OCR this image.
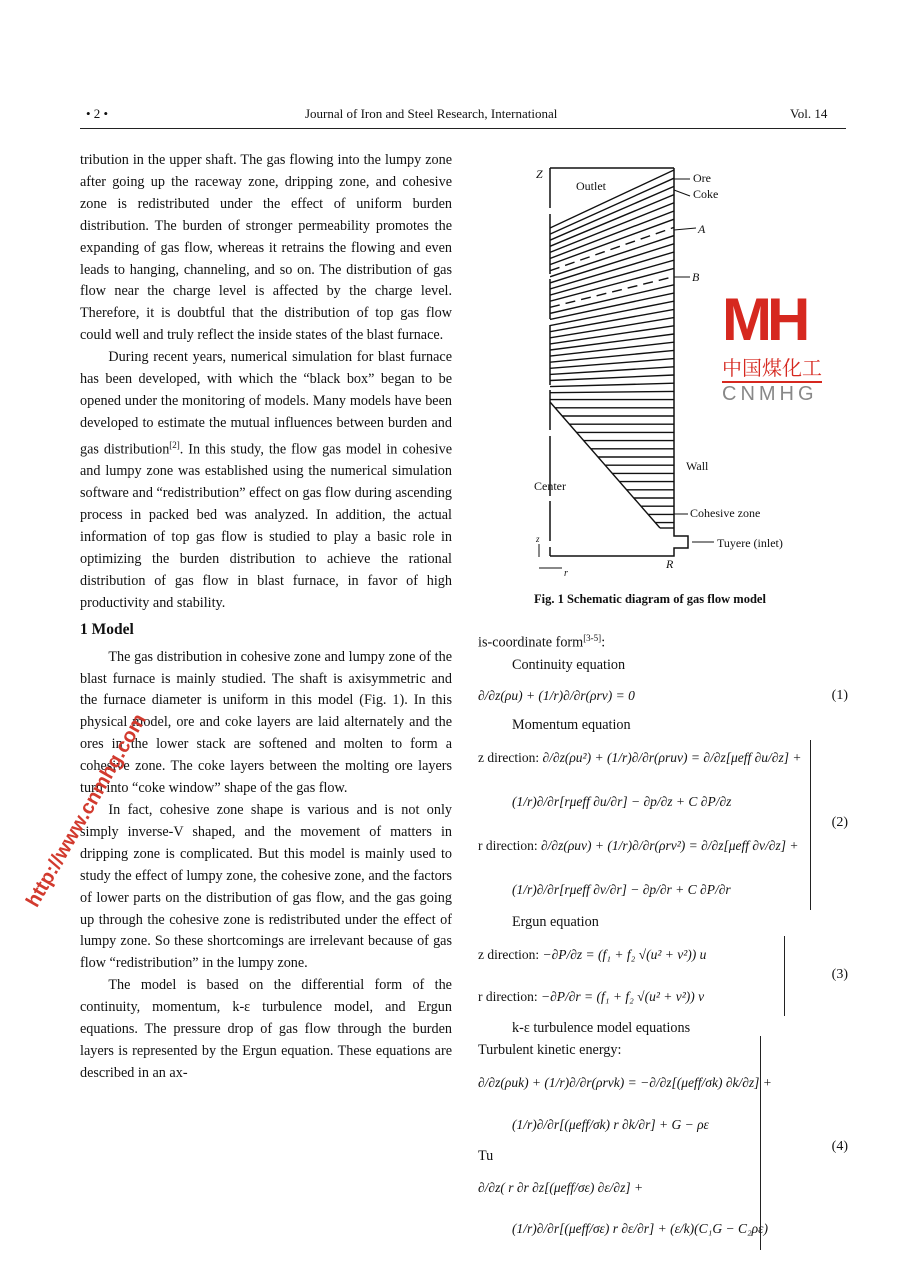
• 2 •	Journal of Iron and Steel Research, International	Vol. 14

tribution in the upper shaft. The gas flowing into the lumpy zone after going up the raceway zone, dripping zone, and cohesive zone is redistributed under the effect of uniform burden distribution. The burden of stronger permeability promotes the expanding of gas flow, whereas it retrains the flowing and even leads to hanging, channeling, and so on. The distribution of gas flow near the charge level is affected by the charge level. Therefore, it is doubtful that the distribution of top gas flow could well and truly reflect the inside states of the blast furnace.

During recent years, numerical simulation for blast furnace has been developed, with which the “black box” began to be opened under the monitoring of models. Many models have been developed to estimate the mutual influences between burden and gas distribution[2]. In this study, the flow gas model in cohesive and lumpy zone was established using the numerical simulation software and “redistribution” effect on gas flow during ascending process in packed bed was analyzed. In addition, the actual information of top gas flow is studied to play a basic role in optimizing the burden distribution to achieve the rational distribution of gas flow in blast furnace, in favor of high productivity and stability.

1 Model

The gas distribution in cohesive zone and lumpy zone of the blast furnace is mainly studied. The shaft is axisymmetric and the furnace diameter is uniform in this model (Fig. 1). In this physical model, ore and coke layers are laid alternately and the ores in the lower stack are softened and molten to form a cohesive zone. The coke layers between the molting ore layers turn into “coke window” shape of the gas flow.

In fact, cohesive zone shape is various and is not only simply inverse-V shaped, and the movement of matters in dripping zone is complicated. But this model is mainly used to study the effect of lumpy zone, the cohesive zone, and the factors of lower parts on the distribution of gas flow, and the gas going up through the cohesive zone is redistributed under the effect of lumpy zone. So these shortcomings are irrelevant because of gas flow “redistribution” in the lumpy zone.

The model is based on the differential form of the continuity, momentum, k-ε turbulence model, and Ergun equations. The pressure drop of gas flow through the burden layers is represented by the Ergun equation. These equations are described in an ax-

Z
Outlet
Ore
Coke
A
B
Wall
Center
Cohesive zone
Tuyere (inlet)
R
z
r
Fig. 1 Schematic diagram of gas flow model
is-coordinate form[3-5]:
Continuity equation
∂/∂z(ρu) + (1/r)∂/∂r(ρrv) = 0	(1)
Momentum equation
z direction: ∂/∂z(ρu²) + (1/r)∂/∂r(ρruv) = ∂/∂z[μeff ∂u/∂z] +
(1/r)∂/∂r[rμeff ∂u/∂r] − ∂p/∂z + C ∂P/∂z
r direction: ∂/∂z(ρuv) + (1/r)∂/∂r(ρrv²) = ∂/∂z[μeff ∂v/∂z] +
(1/r)∂/∂r[rμeff ∂v/∂r] − ∂p/∂r + C ∂P/∂r
(2)
Ergun equation
z direction: −∂P/∂z = (f₁ + f₂ √(u² + v²)) u
r direction: −∂P/∂r = (f₁ + f₂ √(u² + v²)) v
(3)
k-ε turbulence model equations
Turbulent kinetic energy:
∂/∂z(ρuk) + (1/r)∂/∂r(ρrvk) = −∂/∂z[(μeff/σk) ∂k/∂z] +
(1/r)∂/∂r[(μeff/σk) r ∂k/∂r] + G − ρε
Tu
∂/∂z( r ∂r ∂z[(μeff/σε) ∂ε/∂z] +
(1/r)∂/∂r[(μeff/σε) r ∂ε/∂r] + (ε/k)(C₁G − C₂ρε)
(4)
http://www.cnmhg.com
MH
中国煤化工
CNMHG
